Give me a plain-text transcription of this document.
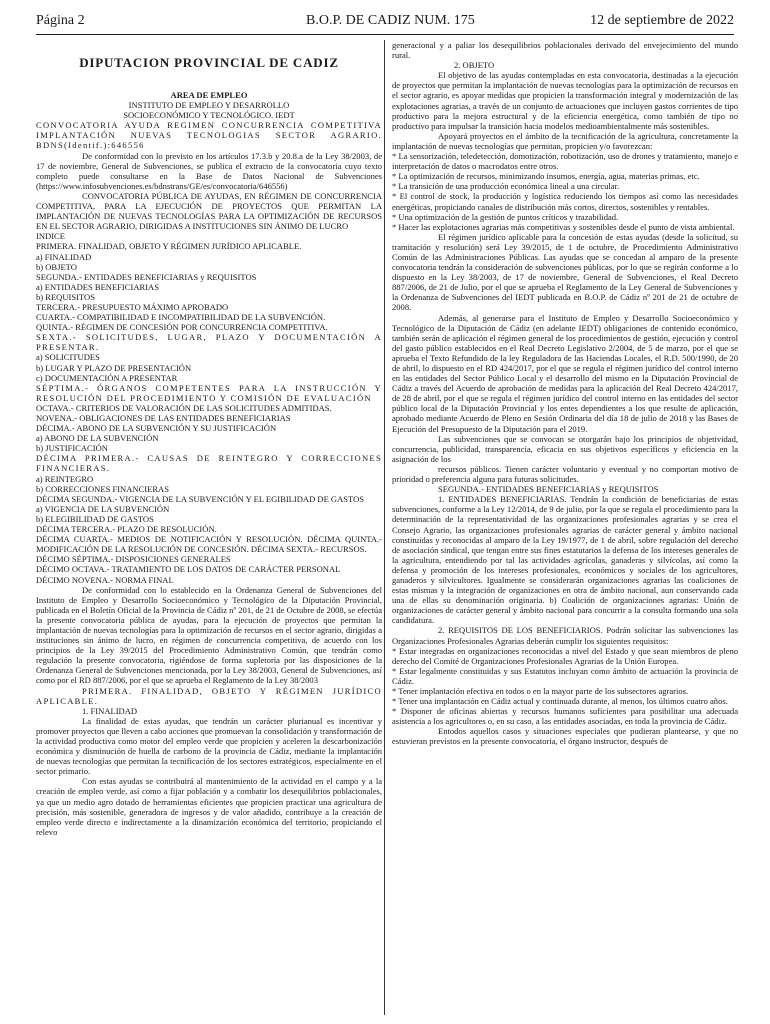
Página 2	B.O.P. DE CADIZ NUM. 175	12 de septiembre de 2022

DIPUTACION PROVINCIAL DE CADIZ

AREA DE EMPLEO

INSTITUTO DE EMPLEO Y DESARROLLO

SOCIOECONÓMICO Y TECNOLÓGICO. IEDT

CONVOCATORIA AYUDA REGIMEN CONCURRENCIA COMPETITIVA IMPLANTACIÓN NUEVAS TECNOLOGIAS SECTOR AGRARIO. BDNS(Identif.):646556

De conformidad con lo previsto en los artículos 17.3.b y 20.8.a de la Ley 38/2003, de 17 de noviembre, General de Subvenciones, se publica el extracto de la convocatoria cuyo texto completo puede consultarse en la Base de Datos Nacional de Subvenciones (https://www.infosubvenciones.es/bdnstrans/GE/es/convocatoria/646556)

CONVOCATORIA PÚBLICA DE AYUDAS, EN RÉGIMEN DE CONCURRENCIA COMPETITIVA, PARA LA EJECUCIÓN DE PROYECTOS QUE PERMITAN LA IMPLANTACIÓN DE NUEVAS TECNOLOGÍAS PARA LA OPTIMIZACIÓN DE RECURSOS EN EL SECTOR AGRARIO, DIRIGIDAS A INSTITUCIONES SIN ÁNIMO DE LUCRO

INDICE

PRIMERA. FINALIDAD, OBJETO Y RÉGIMEN JURÍDICO APLICABLE.

a) FINALIDAD

b) OBJETO

SEGUNDA.- ENTIDADES BENEFICIARIAS y REQUISITOS

a) ENTIDADES BENEFICIARIAS

b) REQUISITOS

TERCERA.- PRESUPUESTO MÁXIMO APROBADO

CUARTA.- COMPATIBILIDAD E INCOMPATIBILIDAD DE LA SUBVENCIÓN.

QUINTA.- RÉGIMEN DE CONCESIÓN POR CONCURRENCIA COMPETITIVA.

SEXTA.- SOLICITUDES, LUGAR, PLAZO Y DOCUMENTACIÓN A PRESENTAR.

a) SOLICITUDES

b) LUGAR Y PLAZO DE PRESENTACIÓN

c) DOCUMENTACIÓN A PRESENTAR

SÉPTIMA.- ÓRGANOS COMPETENTES PARA LA INSTRUCCIÓN Y RESOLUCIÓN DEL PROCEDIMIENTO Y COMISIÓN DE EVALUACIÓN

OCTAVA.- CRITERIOS DE VALORACIÓN DE LAS SOLICITUDES ADMITIDAS.

NOVENA.- OBLIGACIONES DE LAS ENTIDADES BENEFICIARIAS

DÉCIMA.- ABONO DE LA SUBVENCIÓN Y SU JUSTIFICACIÓN

a) ABONO DE LA SUBVENCIÓN

b) JUSTIFICACIÓN

DÉCIMA PRIMERA.- CAUSAS DE REINTEGRO Y CORRECCIONES FINANCIERAS.

a) REINTEGRO

b) CORRECCIONES FINANCIERAS

DÉCIMA SEGUNDA.- VIGENCIA DE LA SUBVENCIÓN Y EL EGIBILIDAD DE GASTOS

a) VIGENCIA DE LA SUBVENCIÓN

b) ELEGIBILIDAD DE GASTOS

DÉCIMA TERCERA.- PLAZO DE RESOLUCIÓN.

DÉCIMA CUARTA.- MEDIOS DE NOTIFICACIÓN Y RESOLUCIÓN. DÉCIMA QUINTA.- MODIFICACIÓN DE LA RESOLUCIÓN DE CONCESIÓN. DÉCIMA SEXTA.- RECURSOS.

DÉCIMO SÉPTIMA.- DISPOSICIONES GENERALES

DÉCIMO OCTAVA.- TRATAMIENTO DE LOS DATOS DE CARÁCTER PERSONAL

DÉCIMO NOVENA.- NORMA FINAL

De conformidad con lo establecido en la Ordenanza General de Subvenciones del Instituto de Empleo y Desarrollo Socioeconómico y Tecnológico de la Diputación Provincial, publicada en el Boletín Oficial de la Provincia de Cádiz nº 201, de 21 de Octubre de 2008, se efectúa la presente convocatoria pública de ayudas, para la ejecución de proyectos que permitan la implantación de nuevas tecnologías para la optimización de recursos en el sector agrario, dirigidas a instituciones sin ánimo de lucro, en régimen de concurrencia competitiva, de acuerdo con los principios de la Ley 39/2015 del Procedimiento Administrativo Común, que tendrán como regulación la presente convocatoria, rigiéndose de forma supletoria por las disposiciones de la Ordenanza General de Subvenciones mencionada, por la Ley 38/2003, General de Subvenciones, así como por el RD 887/2006, por el que se aprueba el Reglamento de la Ley 38/2003

PRIMERA. FINALIDAD, OBJETO Y RÉGIMEN JURÍDICO APLICABLE.

1. FINALIDAD

La finalidad de estas ayudas, que tendrán un carácter plurianual es incentivar y promover proyectos que lleven a cabo acciones que promuevan la consolidación y transformación de la actividad productiva como motor del empleo verde que propicien y aceleren la descarbonización económica y disminución de huella de carbono de la provincia de Cádiz, mediante la implantación de nuevas tecnologías que permitan la tecnificación de los sectores estratégicos, especialmente en el sector primario.

Con estas ayudas se contribuirá al mantenimiento de la actividad en el campo y a la creación de empleo verde, así como a fijar población y a combatir los desequilibrios poblacionales, ya que un medio agro dotado de herramientas eficientes que propicien practicar una agricultura de precisión, más sostenible, generadora de ingresos y de valor añadido, contribuye a la creación de empleo verde directo e indirectamente a la dinamización económica del territorio, propiciando el relevo

generacional y a paliar los desequilibrios poblacionales derivado del envejecimiento del mundo rural.

2. OBJETO

El objetivo de las ayudas contempladas en esta convocatoria, destinadas a la ejecución de proyectos que permitan la implantación de nuevas tecnologías para la optimización de recursos en el sector agrario, es apoyar medidas que propicien la transformación integral y modernización de las explotaciones agrarias, a través de un conjunto de actuaciones que incluyen gastos corrientes de tipo productivo para la mejora estructural y de la eficiencia energética, como también de tipo no productivo para impulsar la transición hacia modelos medioambientalmente más sostenibles.

Apoyará proyectos en el ámbito de la tecnificación de la agricultura, concretamente la implantación de nuevas tecnologías que permitan, propicien y/o favorezcan:

* La sensorización, teledetección, domotización, robotización, uso de drones y tratamiento, manejo e interpretación de datos o macrodatos entre otros.

* La optimización de recursos, minimizando insumos, energía, agua, materias primas, etc.

* La transición de una producción económica lineal a una circular.

* El control de stock, la producción y logística reduciendo los tiempos así como las necesidades energéticas, propiciando canales de distribución más cortos, directos, sostenibles y rentables.

* Una optimización de la gestión de puntos críticos y trazabilidad.

* Hacer las explotaciones agrarias más competitivas y sostenibles desde el punto de vista ambiental.

El régimen jurídico aplicable para la concesión de estas ayudas (desde la solicitud, su tramitación y resolución) será Ley 39/2015, de 1 de octubre, de Procedimiento Administrativo Común de las Administraciones Públicas. Las ayudas que se concedan al amparo de la presente convocatoria tendrán la consideración de subvenciones públicas, por lo que se regirán conforme a lo dispuesto en la Ley 38/2003, de 17 de noviembre, General de Subvenciones, el Real Decreto 887/2006, de 21 de Julio, por el que se aprueba el Reglamento de la Ley General de Subvenciones y la Ordenanza de Subvenciones del IEDT publicada en B.O.P. de Cádiz nº 201 de 21 de octubre de 2008.

Además, al generarse para el Instituto de Empleo y Desarrollo Socioeconómico y Tecnológico de la Diputación de Cádiz (en adelante IEDT) obligaciones de contenido económico, también serán de aplicación el régimen general de los procedimientos de gestión, ejecución y control del gasto público establecidos en el Real Decreto Legislativo 2/2004, de 5 de marzo, por el que se aprueba el Texto Refundido de la ley Reguladora de las Haciendas Locales, el R.D. 500/1990, de 20 de abril, lo dispuesto en el RD 424/2017, por el que se regula el régimen jurídico del control interno en las entidades del Sector Público Local y el desarrollo del mismo en la Diputación Provincial de Cádiz a través del Acuerdo de aprobación de medidas para la aplicación del Real Decreto 424/2017, de 28 de abril, por el que se regula el régimen jurídico del control interno en las entidades del sector público local de la Diputación Provincial y los entes dependientes a los que resulte de aplicación, aprobado mediante Acuerdo de Pleno en Sesión Ordinaria del día 18 de julio de 2018 y las Bases de Ejecución del Presupuesto de la Diputación para el 2019.

Las subvenciones que se convocan se otorgarán bajo los principios de objetividad, concurrencia, publicidad, transparencia, eficacia en sus objetivos específicos y eficiencia en la asignación de los

recursos públicos. Tienen carácter voluntario y eventual y no comportan motivo de prioridad o preferencia alguna para futuras solicitudes.

SEGUNDA.- ENTIDADES BENEFICIARIAS y REQUISITOS

1. ENTIDADES BENEFICIARIAS. Tendrán la condición de beneficiarias de estas subvenciones, conforme a la Ley 12/2014, de 9 de julio, por la que se regula el procedimiento para la determinación de la representatividad de las organizaciones profesionales agrarias y se crea el Consejo Agrario, las organizaciones profesionales agrarias de carácter general y ámbito nacional constituidas y reconocidas al amparo de la Ley 19/1977, de 1 de abril, sobre regulación del derecho de asociación sindical, que tengan entre sus fines estatutarios la defensa de los intereses generales de la agricultura, entendiendo por tal las actividades agrícolas, ganaderas y silvícolas, así como la defensa y promoción de los intereses profesionales, económicos y sociales de los agricultores, ganaderos y silvicultores. Igualmente se considerarán organizaciones agrarias las coaliciones de estas mismas y la integración de organizaciones en otra de ámbito nacional, aun conservando cada una de ellas su denominación originaria. b) Coalición de organizaciones agrarias: Unión de organizaciones de carácter general y ámbito nacional para concurrir a la consulta formando una sola candidatura.

2. REQUISITOS DE LOS BENEFICIARIOS. Podrán solicitar las subvenciones las Organizaciones Profesionales Agrarias deberán cumplir los siguientes requisitos:

* Estar integradas en organizaciones reconocidas a nivel del Estado y que sean miembros de pleno derecho del Comité de Organizaciones Profesionales Agrarias de la Unión Europea.

* Estar legalmente constituidas y sus Estatutos incluyan como ámbito de actuación la provincia de Cádiz.

* Tener implantación efectiva en todos o en la mayor parte de los subsectores agrarios.

* Tener una implantación en Cádiz actual y continuada durante, al menos, los últimos cuatro años.

* Disponer de oficinas abiertas y recursos humanos suficientes para posibilitar una adecuada asistencia a los agricultores o, en su caso, a las entidades asociadas, en toda la provincia de Cádiz.

Entodos aquellos casos y situaciones especiales que pudieran plantearse, y que no estuvieran previstos en la presente convocatoria, el órgano instructor, después de
